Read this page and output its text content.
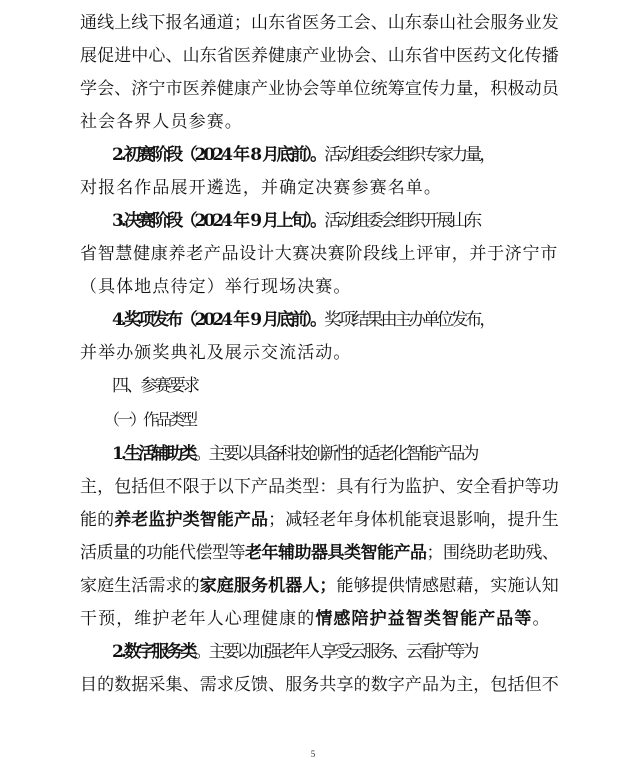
通线上线下报名通道；山东省医务工会、山东泰山社会服务业发
展促进中心、山东省医养健康产业协会、山东省中医药文化传播
学会、济宁市医养健康产业协会等单位统筹宣传力量，积极动员
社会各界人员参赛。
2.初赛阶段（2024 年 8 月底前）。活动组委会组织专家力量，
对报名作品展开遴选，并确定决赛参赛名单。
3.决赛阶段（2024 年 9 月上旬）。活动组委会组织开展山东
省智慧健康养老产品设计大赛决赛阶段线上评审，并于济宁市
（具体地点待定）举行现场决赛。
4.奖项发布（2024 年 9 月底前）。奖项结果由主办单位发布，
并举办颁奖典礼及展示交流活动。
四、参赛要求
（一）作品类型
1.生活辅助类。主要以具备科技创新性的适老化智能产品为
主，包括但不限于以下产品类型：具有行为监护、安全看护等功
能的养老监护类智能产品；减轻老年身体机能衰退影响，提升生
活质量的功能代偿型等老年辅助器具类智能产品；围绕助老助残、
家庭生活需求的家庭服务机器人；能够提供情感慰藉，实施认知
干预，维护老年人心理健康的情感陪护益智类智能产品等。
2.数字服务类。主要以加强老年人享受云服务、云看护等为
目的数据采集、需求反馈、服务共享的数字产品为主，包括但不
5
